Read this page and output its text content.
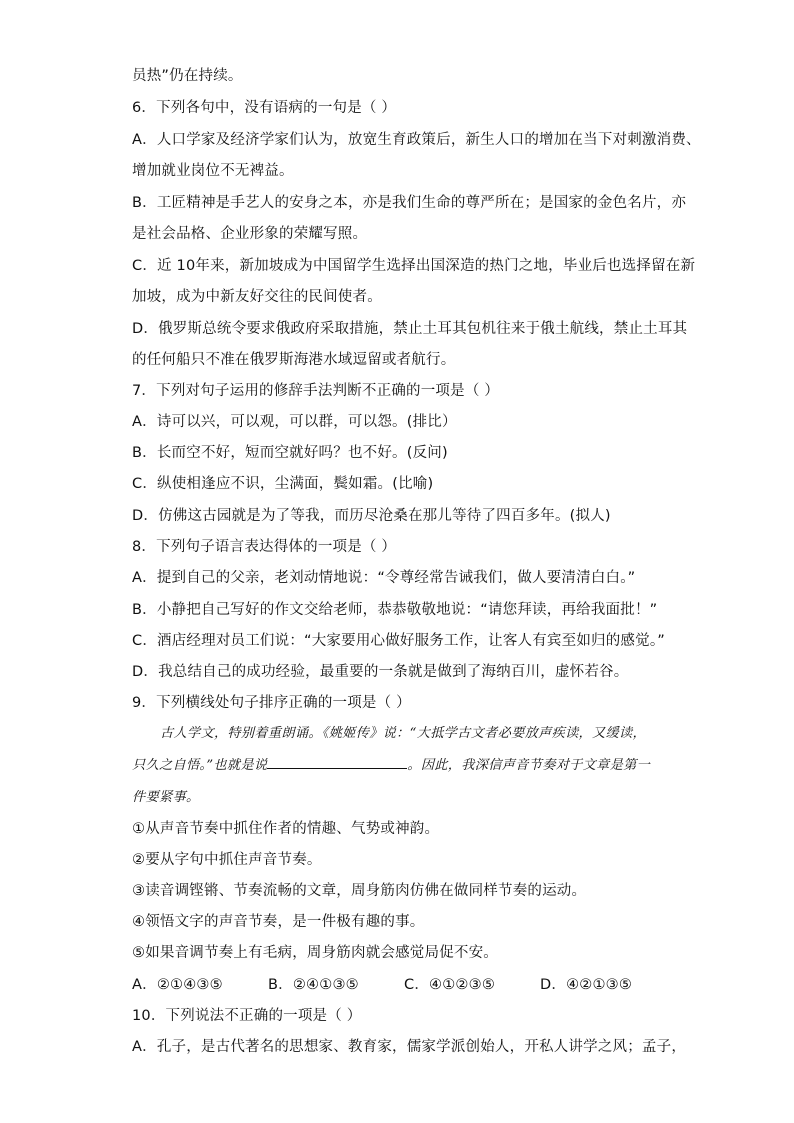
员热”仍在持续。
6．下列各句中，没有语病的一句是（ ）
A．人口学家及经济学家们认为，放宽生育政策后，新生人口的增加在当下对刺激消费、
增加就业岗位不无裨益。
B．工匠精神是手艺人的安身之本，亦是我们生命的尊严所在；是国家的金色名片，亦
是社会品格、企业形象的荣耀写照。
C．近 10年来，新加坡成为中国留学生选择出国深造的热门之地，毕业后也选择留在新
加坡，成为中新友好交往的民间使者。
D．俄罗斯总统令要求俄政府采取措施，禁止土耳其包机往来于俄土航线，禁止土耳其
的任何船只不准在俄罗斯海港水域逗留或者航行。
7．下列对句子运用的修辞手法判断不正确的一项是（ ）
A．诗可以兴，可以观，可以群，可以怨。(排比）
B．长而空不好，短而空就好吗？也不好。(反问)
C．纵使相逢应不识，尘满面，鬓如霜。(比喻)
D．仿佛这古园就是为了等我，而历尽沧桑在那儿等待了四百多年。(拟人)
8．下列句子语言表达得体的一项是（ ）
A．提到自己的父亲，老刘动情地说：“令尊经常告诫我们，做人要清清白白。”
B．小静把自己写好的作文交给老师，恭恭敬敬地说：“请您拜读，再给我面批！”
C．酒店经理对员工们说：“大家要用心做好服务工作，让客人有宾至如归的感觉。”
D．我总结自己的成功经验，最重要的一条就是做到了海纳百川，虚怀若谷。
9．下列横线处句子排序正确的一项是（ ）
古人学文，特别着重朗诵。《姚姬传》说：“大抵学古文者必要放声疾读，又缓读，
只久之自悟。”也就是说	。因此，我深信声音节奏对于文章是第一
件要紧事。
①从声音节奏中抓住作者的情趣、气势或神韵。
②要从字句中抓住声音节奏。
③读音调铿锵、节奏流畅的文章，周身筋肉仿佛在做同样节奏的运动。
④领悟文字的声音节奏，是一件极有趣的事。
⑤如果音调节奏上有毛病，周身筋肉就会感觉局促不安。
A．②①④③⑤	B．②④①③⑤	C．④①②③⑤	D．④②①③⑤
10．下列说法不正确的一项是（ ）
A．孔子，是古代著名的思想家、教育家，儒家学派创始人，开私人讲学之风；孟子，
